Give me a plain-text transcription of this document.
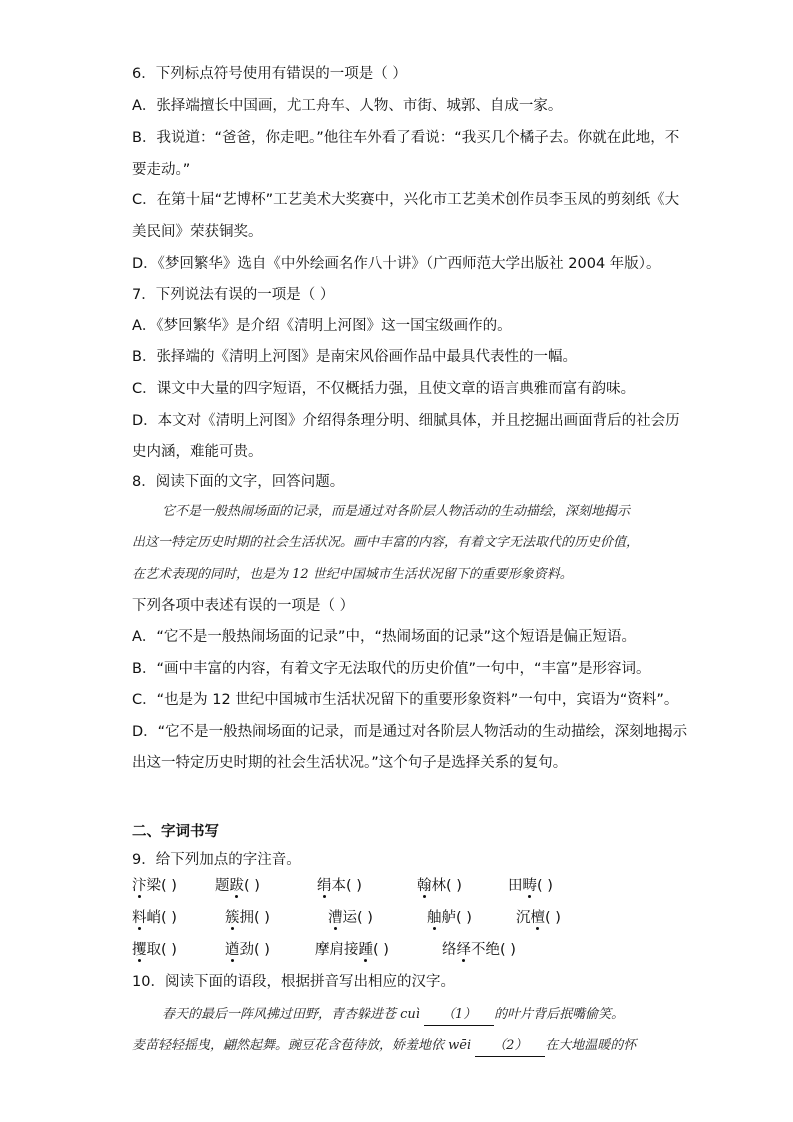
6．下列标点符号使用有错误的一项是（ ）
A．张择端擅长中国画，尤工舟车、人物、市街、城郭、自成一家。
B．我说道：“爸爸，你走吧。”他往车外看了看说：“我买几个橘子去。你就在此地，不
要走动。”
C．在第十届“艺博杯”工艺美术大奖赛中，兴化市工艺美术创作员李玉凤的剪刻纸《大
美民间》荣获铜奖。
D．《梦回繁华》选自《中外绘画名作八十讲》（广西师范大学出版社 2004 年版）。
7．下列说法有误的一项是（ ）
A．《梦回繁华》是介绍《清明上河图》这一国宝级画作的。
B．张择端的《清明上河图》是南宋风俗画作品中最具代表性的一幅。
C．课文中大量的四字短语，不仅概括力强，且使文章的语言典雅而富有韵味。
D．本文对《清明上河图》介绍得条理分明、细腻具体，并且挖掘出画面背后的社会历
史内涵，难能可贵。
8．阅读下面的文字，回答问题。
它不是一般热闹场面的记录，而是通过对各阶层人物活动的生动描绘，深刻地揭示
出这一特定历史时期的社会生活状况。画中丰富的内容，有着文字无法取代的历史价值，
在艺术表现的同时，也是为 12 世纪中国城市生活状况留下的重要形象资料。
下列各项中表述有误的一项是（ ）
A．“它不是一般热闹场面的记录”中，“热闹场面的记录”这个短语是偏正短语。
B．“画中丰富的内容，有着文字无法取代的历史价值”一句中，“丰富”是形容词。
C．“也是为 12 世纪中国城市生活状况留下的重要形象资料”一句中，宾语为“资料”。
D．“它不是一般热闹场面的记录，而是通过对各阶层人物活动的生动描绘，深刻地揭示
出这一特定历史时期的社会生活状况。”这个句子是选择关系的复句。
二、字词书写
9．给下列加点的字注音。
汴梁( )	题跋( )	绢本( )	翰林( )	田畴( )
料峭( )	簇拥( )	漕运( )	舳舻( )	沉檀( )
攫取( )	遒劲( )	摩肩接踵( )	络绎不绝( )
10．阅读下面的语段，根据拼音写出相应的汉字。
春天的最后一阵风拂过田野，青杏躲进苍 cuì （1） 的叶片背后抿嘴偷笑。
麦苗轻轻摇曳，翩然起舞。豌豆花含苞待放，娇羞地依 wēi （2） 在大地温暖的怀
